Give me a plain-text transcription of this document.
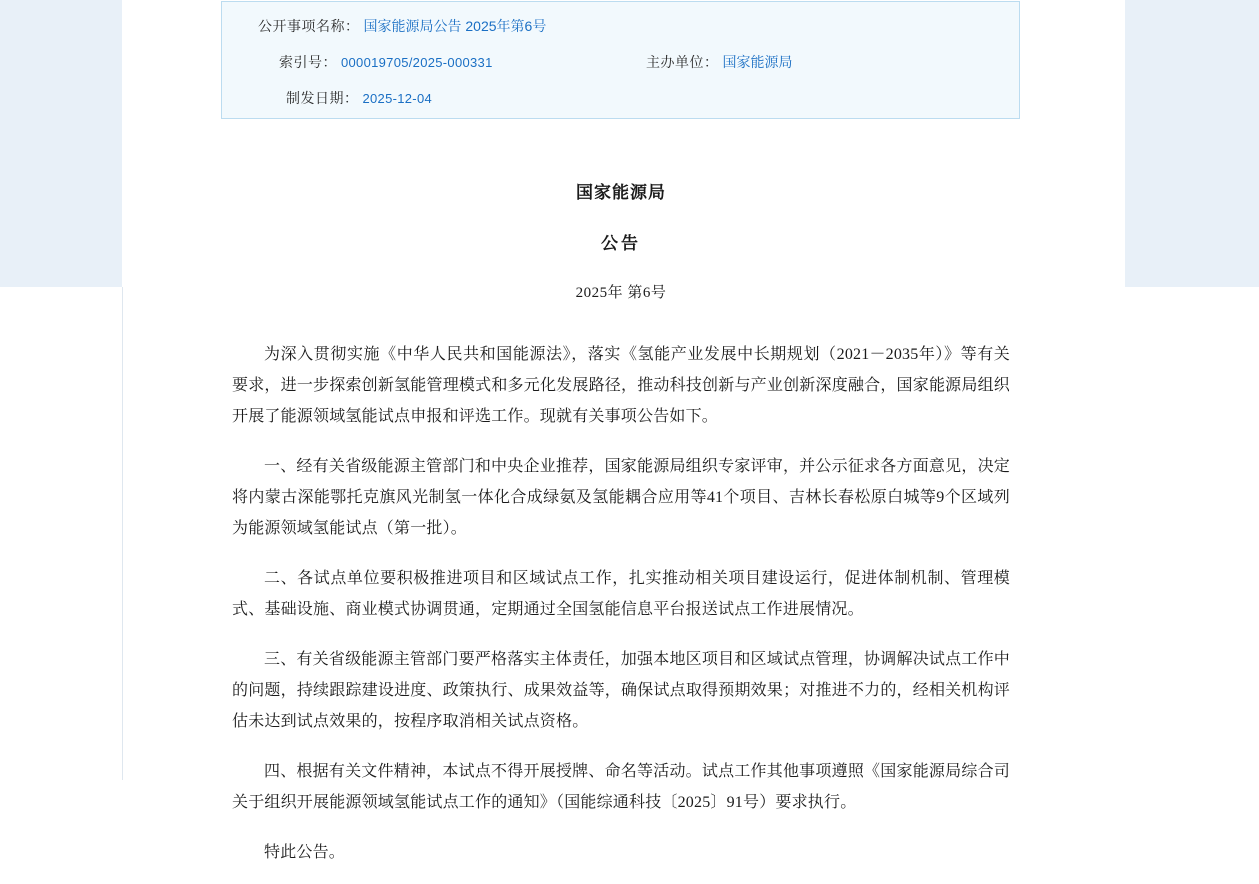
公开事项名称： 国家能源局公告 2025年第6号
索引号： 000019705/2025-000331	主办单位： 国家能源局
制发日期： 2025-12-04
国家能源局
公告
2025年 第6号

为深入贯彻实施《中华人民共和国能源法》，落实《氢能产业发展中长期规划（2021－2035年）》等有关要求，进一步探索创新氢能管理模式和多元化发展路径，推动科技创新与产业创新深度融合，国家能源局组织开展了能源领域氢能试点申报和评选工作。现就有关事项公告如下。

一、经有关省级能源主管部门和中央企业推荐，国家能源局组织专家评审，并公示征求各方面意见，决定将内蒙古深能鄂托克旗风光制氢一体化合成绿氨及氢能耦合应用等41个项目、吉林长春松原白城等9个区域列为能源领域氢能试点（第一批）。

二、各试点单位要积极推进项目和区域试点工作，扎实推动相关项目建设运行，促进体制机制、管理模式、基础设施、商业模式协调贯通，定期通过全国氢能信息平台报送试点工作进展情况。

三、有关省级能源主管部门要严格落实主体责任，加强本地区项目和区域试点管理，协调解决试点工作中的问题，持续跟踪建设进度、政策执行、成果效益等，确保试点取得预期效果；对推进不力的，经相关机构评估未达到试点效果的，按程序取消相关试点资格。

四、根据有关文件精神，本试点不得开展授牌、命名等活动。试点工作其他事项遵照《国家能源局综合司关于组织开展能源领域氢能试点工作的通知》（国能综通科技〔2025〕91号）要求执行。

特此公告。
